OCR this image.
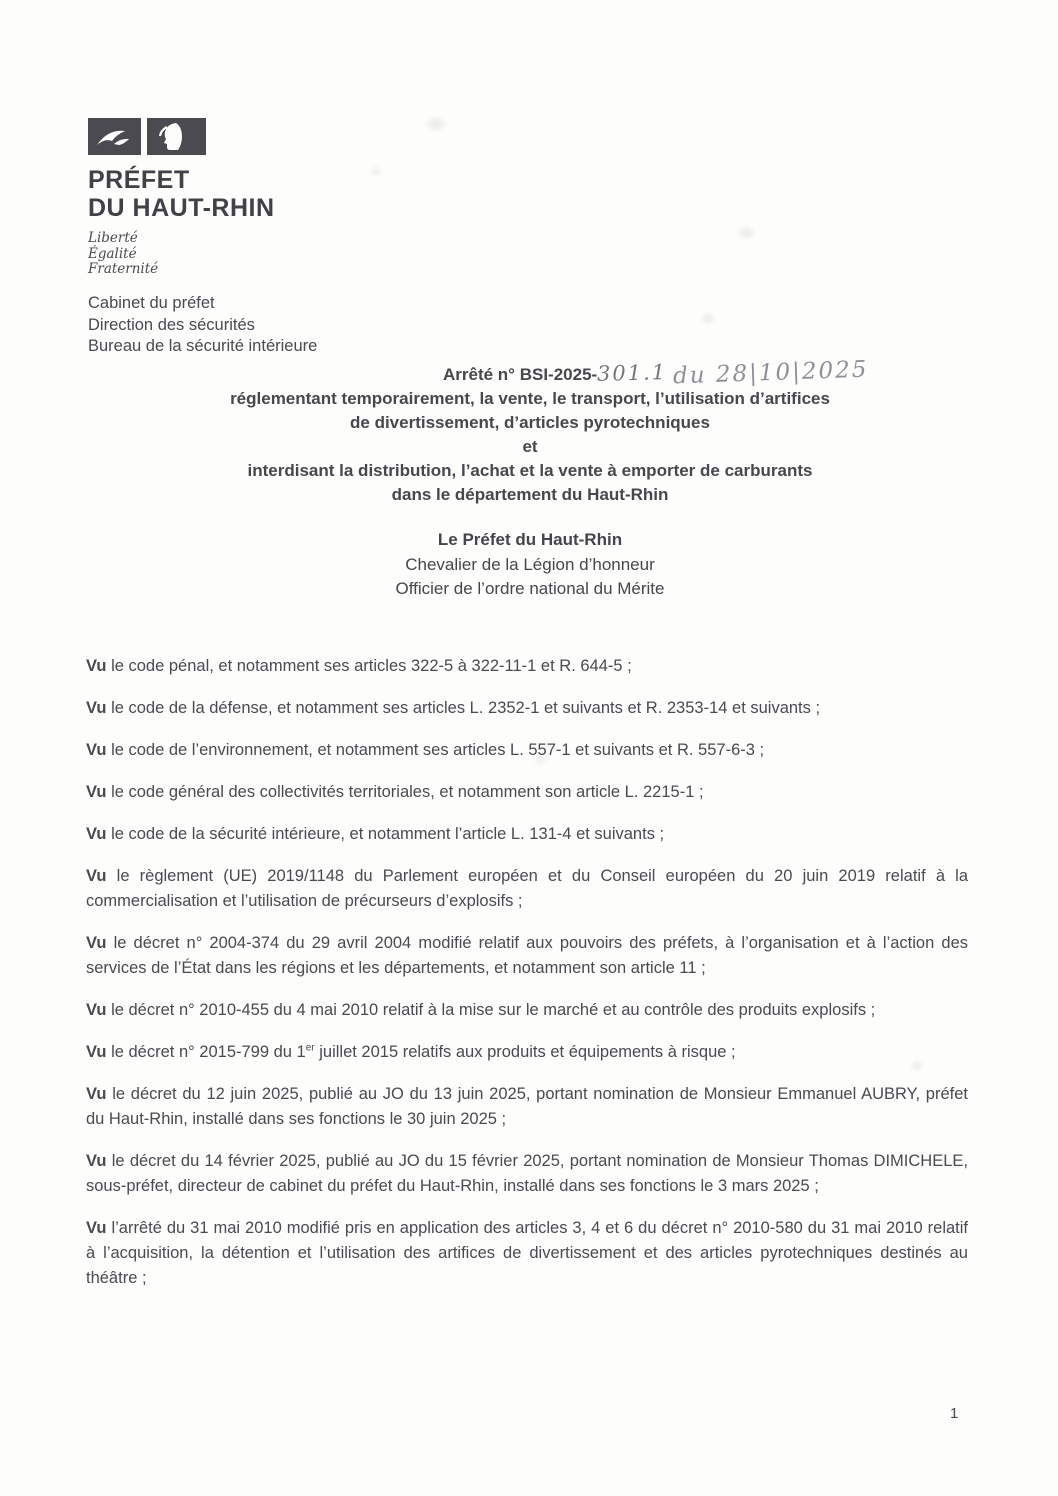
PRÉFET
DU HAUT-RHIN
Liberté
Égalité
Fraternité
Cabinet du préfet
Direction des sécurités
Bureau de la sécurité intérieure
Arrêté n° BSI-2025-301.1 du 28|10|2025
réglementant temporairement, la vente, le transport, l’utilisation d’artifices
de divertissement, d’articles pyrotechniques
et
interdisant la distribution, l’achat et la vente à emporter de carburants
dans le département du Haut-Rhin
Le Préfet du Haut-Rhin
Chevalier de la Légion d’honneur
Officier de l’ordre national du Mérite

Vu le code pénal, et notamment ses articles 322-5 à 322-11-1 et R. 644-5 ;

Vu le code de la défense, et notamment ses articles L. 2352-1 et suivants et R. 2353-14 et suivants ;

Vu le code de l’environnement, et notamment ses articles L. 557-1 et suivants et R. 557-6-3 ;

Vu le code général des collectivités territoriales, et notamment son article L. 2215-1 ;

Vu le code de la sécurité intérieure, et notamment l’article L. 131-4 et suivants ;

Vu le règlement (UE) 2019/1148 du Parlement européen et du Conseil européen du 20 juin 2019 relatif à la commercialisation et l’utilisation de précurseurs d’explosifs ;

Vu le décret n° 2004-374 du 29 avril 2004 modifié relatif aux pouvoirs des préfets, à l’organisation et à l’action des services de l’État dans les régions et les départements, et notamment son article 11 ;

Vu le décret n° 2010-455 du 4 mai 2010 relatif à la mise sur le marché et au contrôle des produits explosifs ;

Vu le décret n° 2015-799 du 1er juillet 2015 relatifs aux produits et équipements à risque ;

Vu le décret du 12 juin 2025, publié au JO du 13 juin 2025, portant nomination de Monsieur Emmanuel AUBRY, préfet du Haut-Rhin, installé dans ses fonctions le 30 juin 2025 ;

Vu le décret du 14 février 2025, publié au JO du 15 février 2025, portant nomination de Monsieur Thomas DIMICHELE, sous-préfet, directeur de cabinet du préfet du Haut-Rhin, installé dans ses fonctions le 3 mars 2025 ;

Vu l’arrêté du 31 mai 2010 modifié pris en application des articles 3, 4 et 6 du décret n° 2010-580 du 31 mai 2010 relatif à l’acquisition, la détention et l’utilisation des artifices de divertissement et des articles pyrotechniques destinés au théâtre ;

1
